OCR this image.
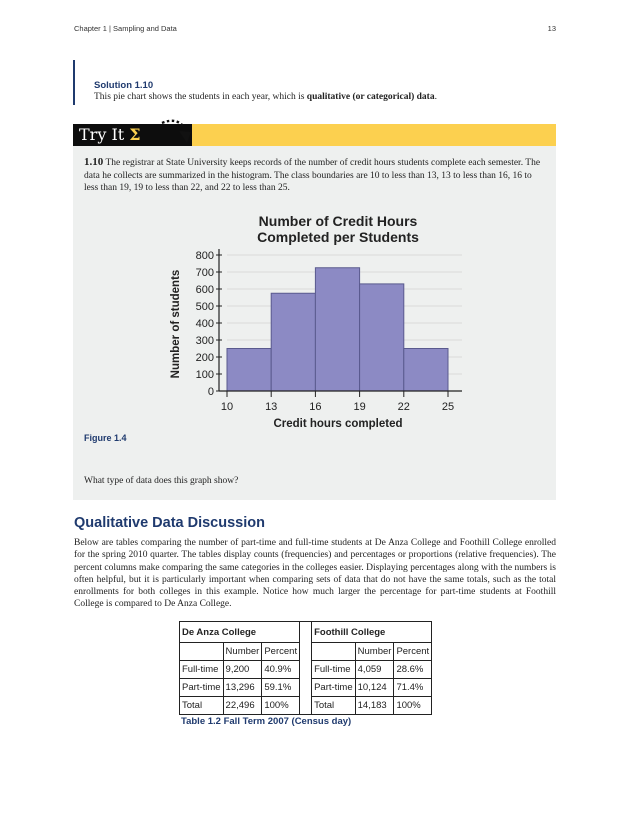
Chapter 1 | Sampling and Data	13
Solution 1.10
This pie chart shows the students in each year, which is qualitative (or categorical) data.
Try It Σ
1.10 The registrar at State University keeps records of the number of credit hours students complete each semester. The data he collects are summarized in the histogram. The class boundaries are 10 to less than 13, 13 to less than 16, 16 to less than 19, 19 to less than 22, and 22 to less than 25.
Number of Credit Hours
Completed per Students
0
100
200
300
400
500
600
700
800
10	13	16	19	22	25
Credit hours completed
Number of students
Figure 1.4
What type of data does this graph show?
Qualitative Data Discussion
Below are tables comparing the number of part-time and full-time students at De Anza College and Foothill College enrolled for the spring 2010 quarter. The tables display counts (frequencies) and percentages or proportions (relative frequencies). The percent columns make comparing the same categories in the colleges easier. Displaying percentages along with the numbers is often helpful, but it is particularly important when comparing sets of data that do not have the same totals, such as the total enrollments for both colleges in this example. Notice how much larger the percentage for part-time students at Foothill College is compared to De Anza College.
De Anza College				Foothill College		
	Number	Percent			Number	Percent
Full-time	9,200	40.9%		Full-time	4,059	28.6%
Part-time	13,296	59.1%		Part-time	10,124	71.4%
Total	22,496	100%		Total	14,183	100%
Table 1.2 Fall Term 2007 (Census day)
